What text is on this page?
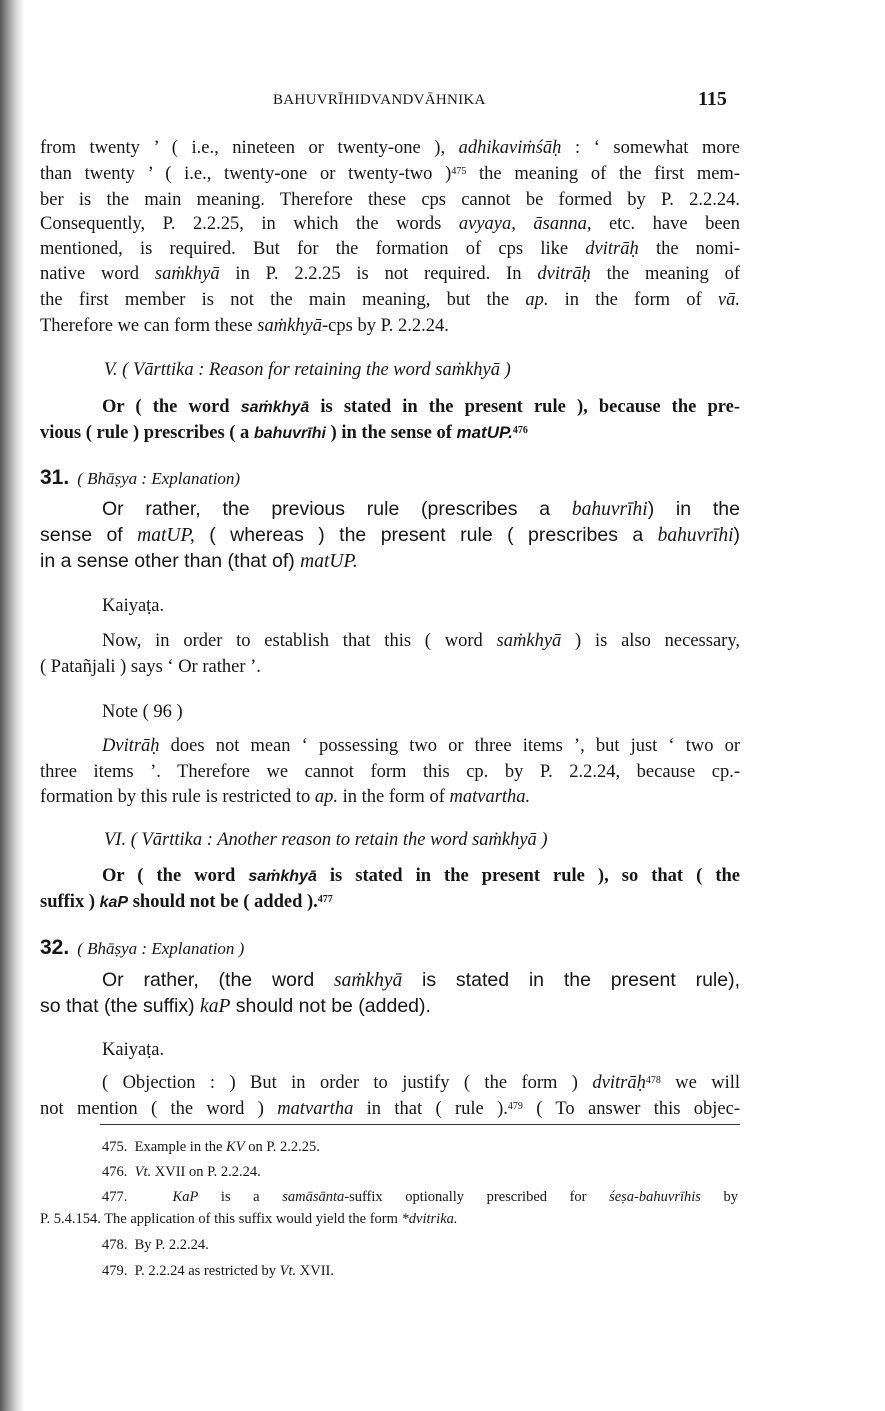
BAHUVRĪHIDVANDVĀHNIKA	115
from twenty ’ ( i.e., nineteen or twenty-one ), adhikaviṁśāḥ : ‘ somewhat more
than twenty ’ ( i.e., twenty-one or twenty-two )$^{475}$ the meaning of the first mem-
ber is the main meaning. Therefore these cps cannot be formed by P. 2.2.24.
Consequently, P. 2.2.25, in which the words avyaya, āsanna, etc. have been
mentioned, is required. But for the formation of cps like dvitrāḥ the nomi-
native word saṁkhyā in P. 2.2.25 is not required. In dvitrāḥ the meaning of
the first member is not the main meaning, but the ap. in the form of vā.
Therefore we can form these saṁkhyā-cps by P. 2.2.24.
V. ( Vārttika : Reason for retaining the word saṁkhyā )
Or ( the word saṁkhyā is stated in the present rule ), because the pre-
vious ( rule ) prescribes ( a bahuvrīhi ) in the sense of matUP.$^{476}$
31. ( Bhāṣya : Explanation)
Or rather, the previous rule (prescribes a bahuvrīhi) in the
sense of matUP, ( whereas ) the present rule ( prescribes a bahuvrīhi)
in a sense other than (that of) matUP.
Kaiyaṭa.
Now, in order to establish that this ( word saṁkhyā ) is also necessary,
( Patañjali ) says ‘ Or rather ’.
Note ( 96 )
Dvitrāḥ does not mean ‘ possessing two or three items ’, but just ‘ two or
three items ’. Therefore we cannot form this cp. by P. 2.2.24, because cp.-
formation by this rule is restricted to ap. in the form of matvartha.
VI. ( Vārttika : Another reason to retain the word saṁkhyā )
Or ( the word saṁkhyā is stated in the present rule ), so that ( the
suffix ) kaP should not be ( added ).$^{477}$
32. ( Bhāṣya : Explanation )
Or rather, (the word saṁkhyā is stated in the present rule),
so that (the suffix) kaP should not be (added).
Kaiyaṭa.
( Objection : ) But in order to justify ( the form ) dvitrāḥ$^{478}$ we will
not mention ( the word ) matvartha in that ( rule ).$^{479}$ ( To answer this objec-
475. Example in the KV on P. 2.2.25.
476. Vt. XVII on P. 2.2.24.
477.	KaP is a samāsānta-suffix optionally prescribed for śeṣa-bahuvrīhis by
P. 5.4.154. The application of this suffix would yield the form *dvitrika.
478. By P. 2.2.24.
479. P. 2.2.24 as restricted by Vt. XVII.
